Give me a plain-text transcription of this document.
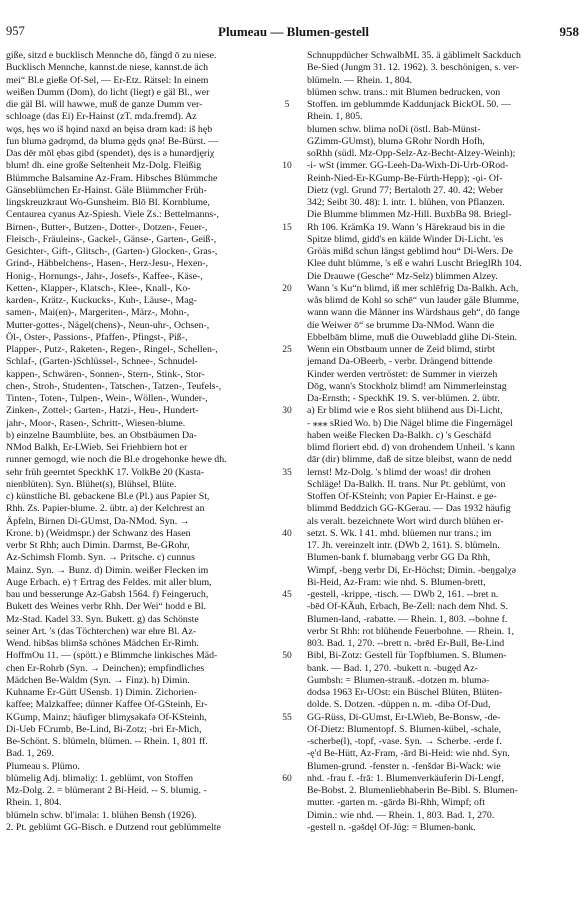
957	Plumeau — Blumen-gestell	958
giße, sitzd e bucklisch Mennche dō, fängd ō zu niese.
Bucklisch Mennche, kannst.de niese, kannst.de äch
mei“ Bl.e gieße Of-Sel, — Er-Etz. Rätsel: In einem
weißen Dumm (Dom), do licht (liegt) e gäl Bl., wer
die gäl Bl. will hawwe, muß de ganze Dumm ver-
schloage (das Ei) Er-Hainst (zT. mda.fremd). Az
wǫs, hęs wo iš hǫind naxd ǝn bęisǝ drǝm kad: iš hęb
fun blumǝ gǝdrǫmd, dǝ blumǝ gęds ǫnǝ! Be-Bürst. —
Das dēr mōl ębǝs gibd (spendet), dęs is ǝ hunǝrdjęriχ
blum! dh. eine große Seltenheit Mz-Dolg. Fleißig
Blümmche Balsamine Az-Fram. Hibsches Blümmche
Gänseblümchen Er-Hainst. Gäle Blümmcher Früh-
lingskreuzkraut Wo-Gunsheim. Blō Bl. Kornblume,
Centaurea cyanus Az-Spiesh. Viele Zs.: Bettelmanns-,
Birnen-, Butter-, Butzen-, Dotter-, Dotzen-, Feuer-,
Fleisch-, Fräuleins-, Gackel-, Gänse-, Garten-, Geiß-,
Gesichter-, Gift-, Glitsch-, (Garten-) Glocken-, Gras-,
Grind-, Häbbelchens-, Hasen-, Herz-Jesu-, Hexen-,
Honig-, Hornungs-, Jahr-, Josefs-, Kaffee-, Käse-,
Ketten-, Klapper-, Klatsch-, Klee-, Knall-, Ko-
karden-, Krätz-, Kuckucks-, Kuh-, Läuse-, Mag-
samen-, Mai(en)-, Margeriten-, März-, Mohn-,
Mutter-gottes-, Nägel(chens)-, Neun-uhr-, Ochsen-,
Öl-, Oster-, Passions-, Pfaffen-, Pfingst-, Piß-,
Plapper-, Putz-, Raketen-, Regen-, Ringel-, Schellen-,
Schlaf-, (Garten-)Schlüssel-, Schnee-, Schnudel-
kappen-, Schwären-, Sonnen-, Stern-, Stink-, Stor-
chen-, Stroh-, Studenten-, Tatschen-, Tatzen-, Teufels-,
Tinten-, Toten-, Tulpen-, Wein-, Wöllen-, Wunder-,
Zinken-, Zottel-; Garten-, Hatzi-, Heu-, Hundert-
jahr-, Moor-, Rasen-, Schritt-, Wiesen-blume.
b) einzelne Baumblüte, bes. an Obstbäumen Da-
NMod Balkh, Er-LWieb. Sei Friehbiern hot er
runner gemogd, wie noch die Bl.e drogehonke hewe dh.
sehr früh geerntet SpeckhK 17. VolkBe 20 (Kasta-
nienblüten). Syn. Blühet(s), Blühsel, Blüte.
c) künstliche Bl. gebackene Bl.e (Pl.) aus Papier St,
Rhh. Zs. Papier-blume. 2. übtr. a) der Kelchrest an
Äpfeln, Birnen Di-GUmst, Da-NMod. Syn. →
Krone. b) (Weidmspr.) der Schwanz des Hasen
verbr St Rhh; auch Dimin. Darmst, Be-GRohr,
Az-Schimsh Flomb. Syn. → Pritsche. c) cunnus
Mainz. Syn. → Bunz. d) Dimin. weißer Flecken im
Auge Erbach. e) † Ertrag des Feldes. mit aller blum,
bau und besserunge Az-Gabsh 1564. f) Feingeruch,
Bukett des Weines verbr Rhh. Der Wei“ hodd e Bl.
Mz-Stad. Kadel 33. Syn. Bukett. g) das Schönste
seiner Art. 's (das Töchterchen) war ehre Bl. Az-
Wend. hibšǝs blimšǝ schönes Mädchen Er-Rimh.
HoffmOu 11. — (spött.) e Blimmche linkisches Mäd-
chen Er-Rohrb (Syn. → Deinchen); empfindliches
Mädchen Be-Waldm (Syn. → Finz). h) Dimin.
Kuhname Er-Gütt USensb. 1) Dimin. Zichorien-
kaffee; Malzkaffee; dünner Kaffee Of-GSteinh, Er-
KGump, Mainz; häufiger blimχsǝkafǝ Of-KSteinh,
Di-Ueb FCrumb, Be-Lind, Bi-Zotz; -bri Er-Mich,
Be-Schönt. S. blümeln, blümen. -- Rhein. 1, 801 ff.
Bad. 1, 269.
Plumeau s. Plümo.
blümelig Adj. blimǝliχ: 1. geblümt, von Stoffen
Mz-Dolg. 2. = blümerant 2 Bi-Heid. -- S. blumig. -
Rhein. 1, 804.
blümeln schw. bl'imǝlǝ: 1. blühen Bensh (1926).
2. Pt. geblümt GG-Bisch. e Dutzend rout geblümmelte
5
10
15
20
25
30
35
40
45
50
55
60
Schnuppdücher SchwalbML 35. ä gäblimelt Sackduch
Be-Sied (Jungm 31. 12. 1962). 3. beschönigen, s. ver-
blümeln. — Rhein. 1, 804.
blümen schw. trans.: mit Blumen bedrucken, von
Stoffen. im geblummde Kaddunjack BickOL 50. —
Rhein. 1, 805.
blumen schw. blimǝ noDi (östl. Bab-Münst-
GZimm-GUmst), blumǝ GRohr Nordh Hofh,
soRhh (südl. Mz-Opp-Selz-Az-Becht-Alzey-Weinh);
-i- wSt (immer. GG-Leeh-Da-Wixh-Di-Urb-ORod-
Reinh-Nied-Er-KGump-Be-Fürth-Hepp); -ǫi- Of-
Dietz (vgl. Grund 77; Bertaloth 27. 40. 42; Weber
342; Seibt 30. 48): I. intr. 1. blühen, von Pflanzen.
Die Blumme blimmen Mz-Hill. BuxbBa 98. Briegl-
Rh 106. KrämKa 19. Wann 's Härekraud bis in die
Spitze blimd, gidd's en kälde Winder Di-Licht. 'es
Gröäs mißd schun längst geblimd hou“ Di-Wers. De
Klee duht blümme, 's eß e wahri Luscht BrieglRh 104.
Die Drauwe (Gesche“ Mz-Selz) blimmen Alzey.
Wann 's Ku“n blimd, iß mer schlēfrig Da-Balkh. Ach,
wås blimd de Kohl so schē“ vun lauder gäle Blumme,
wann wann die Männer ins Wärdshaus geh“, dō fange
die Weiwer ō“ se brumme Da-NMod. Wann die
Ebbelbām blime, muß die Ouwebladd glihe Di-Stein.
Wenn ein Obstbaum unner de Zeid blimd, stirbt
jemand Da-OBeerb, - verbr. Drängend bittende
Kinder werden vertröstet: de Summer in vierzeh
Dōg, wann's Stockholz blimd! am Nimmerleinstag
Da-Ernsth; - SpeckhK 19. S. ver-blümen. 2. übtr.
a) Er blimd wie e Ros sieht blühend aus Di-Licht,
- ⁎⁎⁎ sRied Wo. b) Die Nägel blime die Fingernägel
haben weiße Flecken Da-Balkh. c) 's Geschäfd
blimd floriert ebd. d) von drohendem Unheil. 's kann
dār (dir) blimme, daß de sitze bleibst, wann de nedd
lernst! Mz-Dolg. 's blimd der woas! dir drohen
Schläge! Da-Balkh. II. trans. Nur Pt. geblümt, von
Stoffen Of-KSteinh; von Papier Er-Hainst. e ge-
blimmd Beddzich GG-KGerau. — Das 1932 häufig
als veralt. bezeichnete Wort wird durch blühen er-
setzt. S. Wk. I 41. mhd. blüemen nur trans.; im
17. Jh. vereinzelt intr. (DWb 2, 161). S. blümeln.
Blumen-bank f. blumǝbaŋg verbr GG Da Rhh,
Wimpf, -beŋg verbr Di, Er-Höchst; Dimin. -beŋgǝlχǝ
Bi-Heid, Az-Fram: wie nhd. S. Blumen-brett,
-gestell, -krippe, -tisch. — DWb 2, 161. --bret n.
-bēd Of-KÄuh, Erbach, Be-Zell: nach dem Nhd. S.
Blumen-land, -rabatte. — Rhein. 1, 803. --bohne f.
verbr St Rhh: rot blühende Feuerbohne. — Rhein. 1,
803. Bad. 1, 270. --brett n. -brēd Er-Bull, Be-Lind
Bibl, Bi-Zotz: Gestell für Topfblumen. S. Blumen-
bank. — Bad. 1, 270. -bukett n. -bugęd Az-
Gumbsh: = Blumen-strauß. -dotzen m. blumǝ-
dodsǝ 1963 Er-UOst: ein Büschel Blüten, Blüten-
dolde. S. Dotzen. -düppen n. m. -dibǝ Of-Dud,
GG-Rüss, Di-GUmst, Er-LWieb, Be-Bonsw, -de-
Of-Dietz: Blumentopf. S. Blumen-kübel, -schale,
-scherbe(l), -topf, -vase. Syn. → Scherbe. -erde f.
-ę'd Be-Hütt, Az-Fram, -ārd Bi-Heid: wie nhd. Syn.
Blumen-grund. -fenster n. -fenšdǝr Bi-Wack: wie
nhd. -frau f. -frā: 1. Blumenverkäuferin Di-Lengf,
Be-Bobst. 2. Blumenliebhaberin Be-Bibl. S. Blumen-
mutter. -garten m. -gārdǝ Bi-Rhh, Wimpf; oft
Dimin.: wie nhd. — Rhein. 1, 803. Bad. 1, 270.
-gestell n. -gǝšdęl Of-Jüg: = Blumen-bank.
